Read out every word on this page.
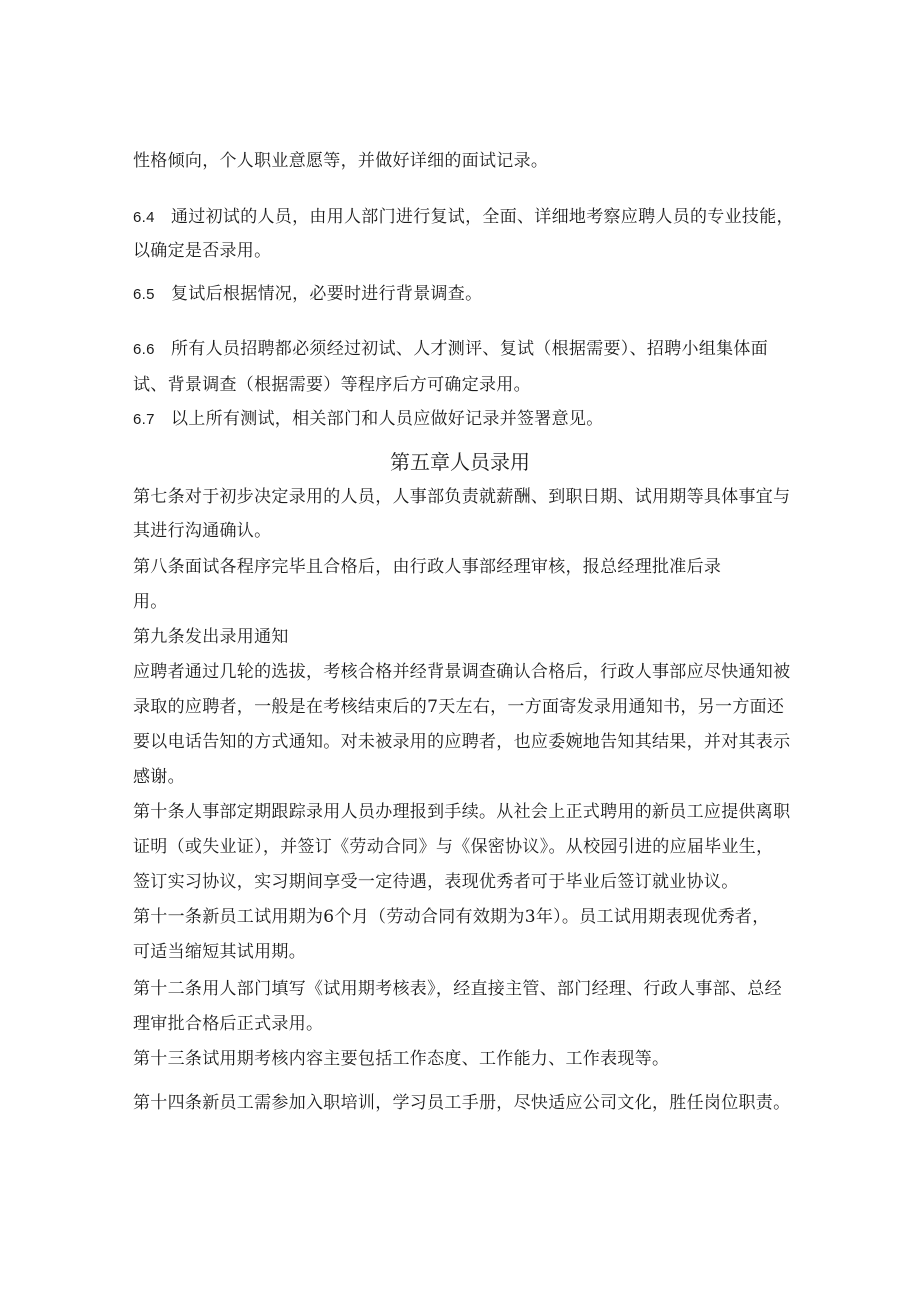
性格倾向，个人职业意愿等，并做好详细的面试记录。
6.4 通过初试的人员，由用人部门进行复试，全面、详细地考察应聘人员的专业技能，
以确定是否录用。
6.5 复试后根据情况，必要时进行背景调查。
6.6 所有人员招聘都必须经过初试、人才测评、复试（根据需要）、招聘小组集体面
试、背景调查（根据需要）等程序后方可确定录用。
6.7 以上所有测试，相关部门和人员应做好记录并签署意见。
第五章人员录用
第七条对于初步决定录用的人员，人事部负责就薪酬、到职日期、试用期等具体事宜与
其进行沟通确认。
第八条面试各程序完毕且合格后，由行政人事部经理审核，报总经理批准后录
用。
第九条发出录用通知
应聘者通过几轮的选拔，考核合格并经背景调查确认合格后，行政人事部应尽快通知被
录取的应聘者，一般是在考核结束后的7天左右，一方面寄发录用通知书，另一方面还
要以电话告知的方式通知。对未被录用的应聘者，也应委婉地告知其结果，并对其表示
感谢。
第十条人事部定期跟踪录用人员办理报到手续。从社会上正式聘用的新员工应提供离职
证明（或失业证），并签订《劳动合同》与《保密协议》。从校园引进的应届毕业生，
签订实习协议，实习期间享受一定待遇，表现优秀者可于毕业后签订就业协议。
第十一条新员工试用期为6个月（劳动合同有效期为3年）。员工试用期表现优秀者，
可适当缩短其试用期。
第十二条用人部门填写《试用期考核表》，经直接主管、部门经理、行政人事部、总经
理审批合格后正式录用。
第十三条试用期考核内容主要包括工作态度、工作能力、工作表现等。
第十四条新员工需参加入职培训，学习员工手册，尽快适应公司文化，胜任岗位职责。
